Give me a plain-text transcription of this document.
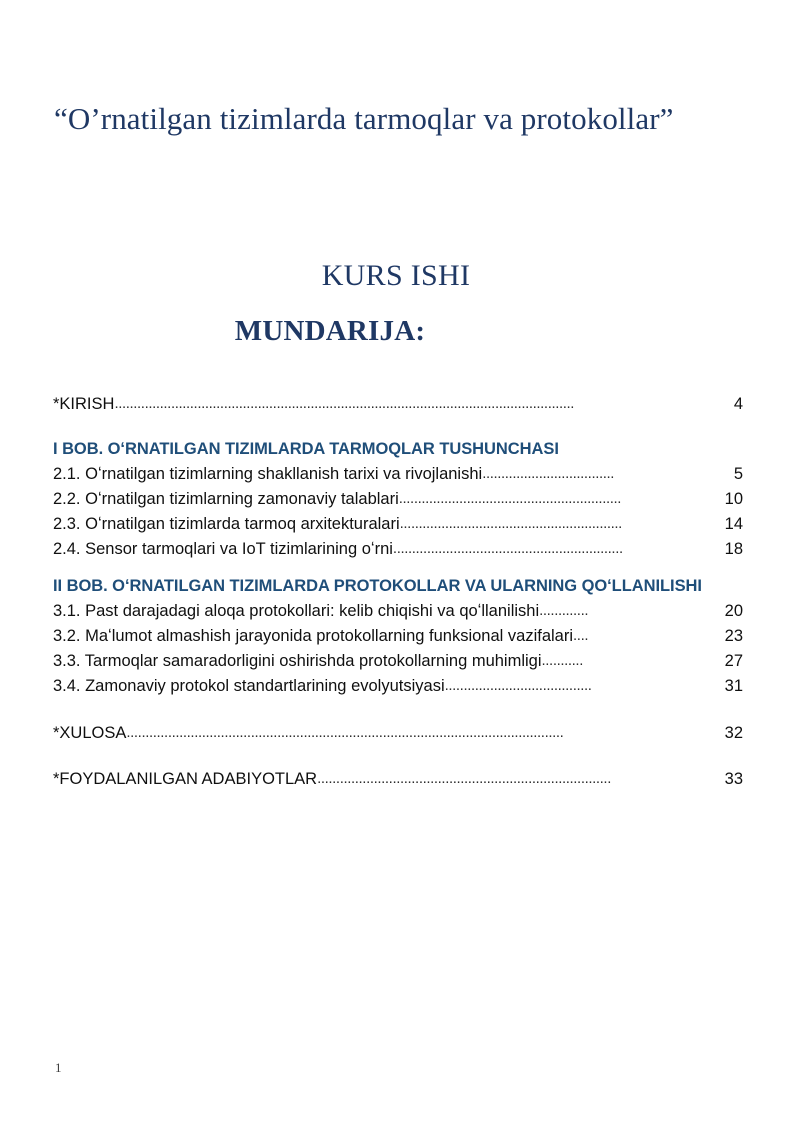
“O’rnatilgan tizimlarda tarmoqlar va protokollar”
KURS ISHI
MUNDARIJA:
*KIRISH ..........................................................................................................................	4
I BOB. OʻRNATILGAN TIZIMLARDA TARMOQLAR TUSHUNCHASI
2.1. Oʻrnatilgan tizimlarning shakllanish tarixi va rivojlanishi ...................................	5
2.2. Oʻrnatilgan tizimlarning zamonaviy talablari ...........................................................	10
2.3. Oʻrnatilgan tizimlarda tarmoq arxitekturalari ...........................................................	14
2.4. Sensor tarmoqlari va IoT tizimlarining oʻrni .............................................................	18
II BOB. OʻRNATILGAN TIZIMLARDA PROTOKOLLAR VA ULARNING QOʻLLANILISHI
3.1. Past darajadagi aloqa protokollari: kelib chiqishi va qoʻllanilishi .............	20
3.2. Maʻlumot almashish jarayonida protokollarning funksional vazifalari ....	23
3.3. Tarmoqlar samaradorligini oshirishda protokollarning muhimligi ...........	27
3.4. Zamonaviy protokol standartlarining evolyutsiyasi .......................................	31
*XULOSA ....................................................................................................................	32
*FOYDALANILGAN ADABIYOTLAR ..............................................................................	33
1
